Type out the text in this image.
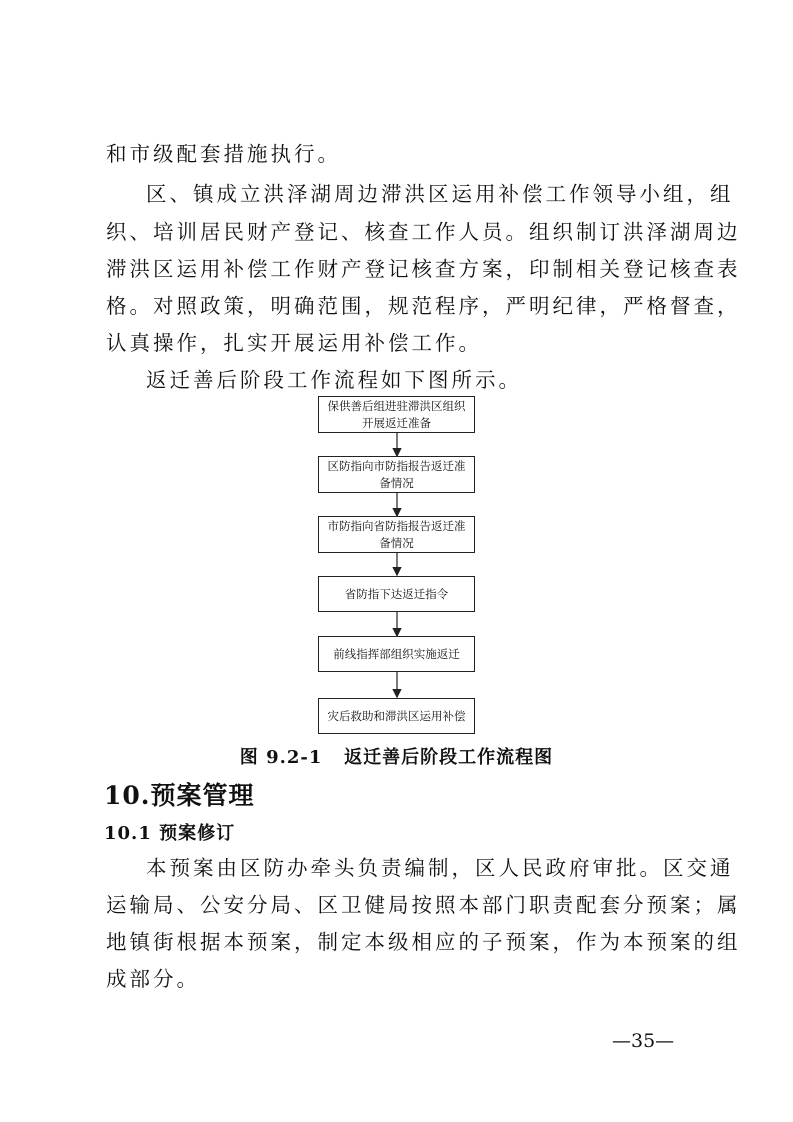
和市级配套措施执行。
区、镇成立洪泽湖周边滞洪区运用补偿工作领导小组，组
织、培训居民财产登记、核查工作人员。组织制订洪泽湖周边
滞洪区运用补偿工作财产登记核查方案，印制相关登记核查表
格。对照政策，明确范围，规范程序，严明纪律，严格督查，
认真操作，扎实开展运用补偿工作。
返迁善后阶段工作流程如下图所示。
保供善后组进驻滞洪区组织开展返迁准备
区防指向市防指报告返迁准备情况
市防指向省防指报告返迁准备情况
省防指下达返迁指令
前线指挥部组织实施返迁
灾后救助和滞洪区运用补偿
图 9.2-1   返迁善后阶段工作流程图
10.预案管理
10.1 预案修订
本预案由区防办牵头负责编制，区人民政府审批。区交通
运输局、公安分局、区卫健局按照本部门职责配套分预案；属
地镇街根据本预案，制定本级相应的子预案，作为本预案的组
成部分。
—35—
